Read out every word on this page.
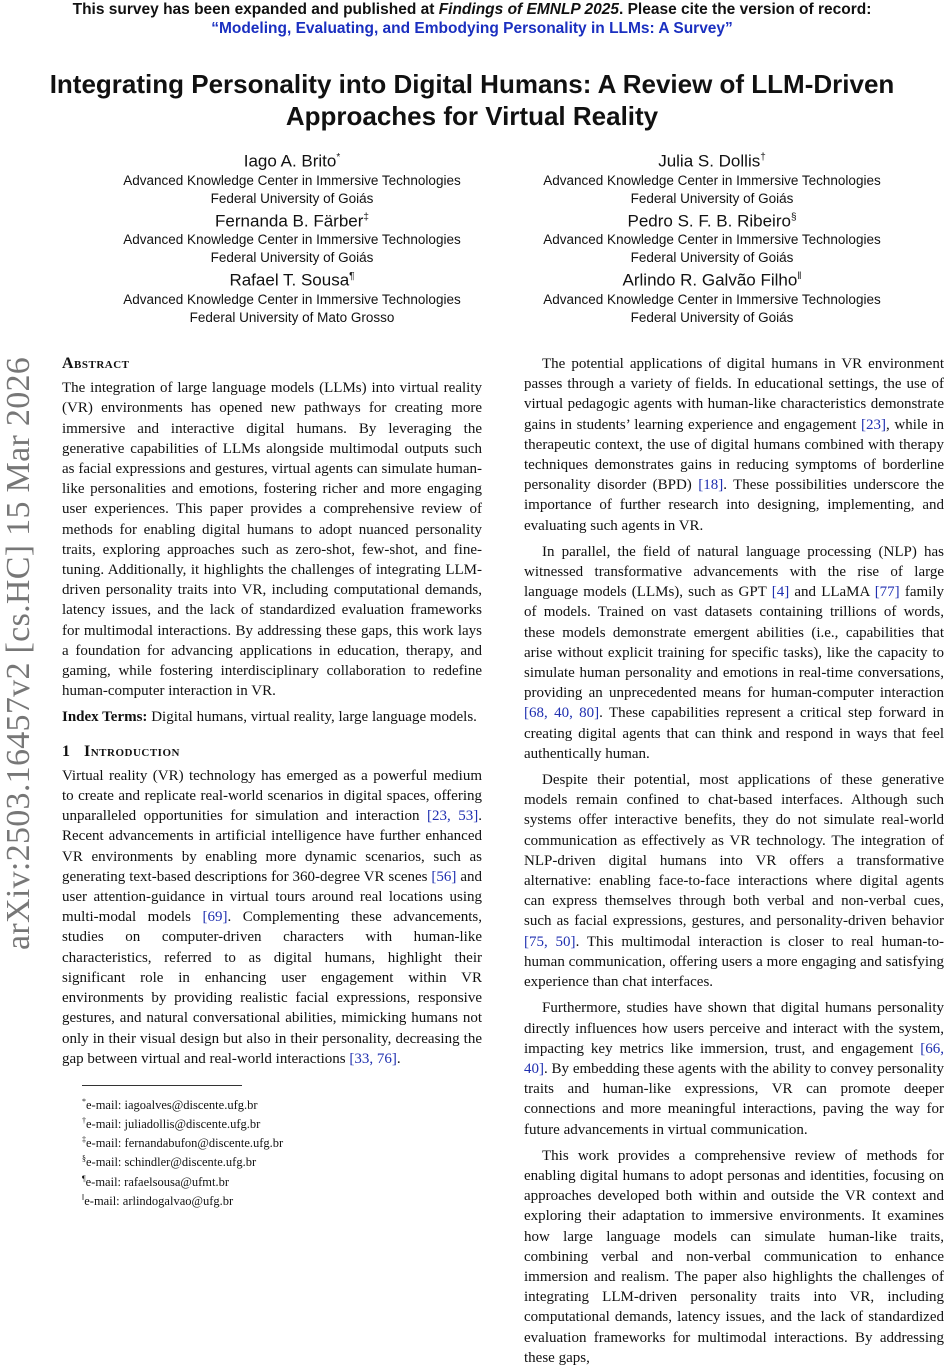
This survey has been expanded and published at Findings of EMNLP 2025. Please cite the version of record:
“Modeling, Evaluating, and Embodying Personality in LLMs: A Survey”
Integrating Personality into Digital Humans: A Review of LLM-Driven Approaches for Virtual Reality
Iago A. Brito*
Advanced Knowledge Center in Immersive Technologies
Federal University of Goiás
Fernanda B. Färber‡
Advanced Knowledge Center in Immersive Technologies
Federal University of Goiás
Rafael T. Sousa¶
Advanced Knowledge Center in Immersive Technologies
Federal University of Mato Grosso
Julia S. Dollis†
Advanced Knowledge Center in Immersive Technologies
Federal University of Goiás
Pedro S. F. B. Ribeiro§
Advanced Knowledge Center in Immersive Technologies
Federal University of Goiás
Arlindo R. Galvão Filho‖
Advanced Knowledge Center in Immersive Technologies
Federal University of Goiás
arXiv:2503.16457v2 [cs.HC] 15 Mar 2026 Abstract

The integration of large language models (LLMs) into virtual reality (VR) environments has opened new pathways for creating more immersive and interactive digital humans. By leveraging the generative capabilities of LLMs alongside multimodal outputs such as facial expressions and gestures, virtual agents can simulate human-like personalities and emotions, fostering richer and more engaging user experiences. This paper provides a comprehensive review of methods for enabling digital humans to adopt nuanced personality traits, exploring approaches such as zero-shot, few-shot, and fine-tuning. Additionally, it highlights the challenges of integrating LLM-driven personality traits into VR, including computational demands, latency issues, and the lack of standardized evaluation frameworks for multimodal interactions. By addressing these gaps, this work lays a foundation for advancing applications in education, therapy, and gaming, while fostering interdisciplinary collaboration to redefine human-computer interaction in VR.

Index Terms: Digital humans, virtual reality, large language models.

1 Introduction

Virtual reality (VR) technology has emerged as a powerful medium to create and replicate real-world scenarios in digital spaces, offering unparalleled opportunities for simulation and interaction [23, 53]. Recent advancements in artificial intelligence have further enhanced VR environments by enabling more dynamic scenarios, such as generating text-based descriptions for 360-degree VR scenes [56] and user attention-guidance in virtual tours around real locations using multi-modal models [69]. Complementing these advancements, studies on computer-driven characters with human-like characteristics, referred to as digital humans, highlight their significant role in enhancing user engagement within VR environments by providing realistic facial expressions, responsive gestures, and natural conversational abilities, mimicking humans not only in their visual design but also in their personality, decreasing the gap between virtual and real-world interactions [33, 76].

*e-mail: iagoalves@discente.ufg.br
†e-mail: juliadollis@discente.ufg.br
‡e-mail: fernandabufon@discente.ufg.br
§e-mail: schindler@discente.ufg.br
¶e-mail: rafaelsousa@ufmt.br
‖e-mail: arlindogalvao@ufg.br

The potential applications of digital humans in VR environment passes through a variety of fields. In educational settings, the use of virtual pedagogic agents with human-like characteristics demonstrate gains in students’ learning experience and engagement [23], while in therapeutic context, the use of digital humans combined with therapy techniques demonstrates gains in reducing symptoms of borderline personality disorder (BPD) [18]. These possibilities underscore the importance of further research into designing, implementing, and evaluating such agents in VR.

In parallel, the field of natural language processing (NLP) has witnessed transformative advancements with the rise of large language models (LLMs), such as GPT [4] and LLaMA [77] family of models. Trained on vast datasets containing trillions of words, these models demonstrate emergent abilities (i.e., capabilities that arise without explicit training for specific tasks), like the capacity to simulate human personality and emotions in real-time conversations, providing an unprecedented means for human-computer interaction [68, 40, 80]. These capabilities represent a critical step forward in creating digital agents that can think and respond in ways that feel authentically human.

Despite their potential, most applications of these generative models remain confined to chat-based interfaces. Although such systems offer interactive benefits, they do not simulate real-world communication as effectively as VR technology. The integration of NLP-driven digital humans into VR offers a transformative alternative: enabling face-to-face interactions where digital agents can express themselves through both verbal and non-verbal cues, such as facial expressions, gestures, and personality-driven behavior [75, 50]. This multimodal interaction is closer to real human-to-human communication, offering users a more engaging and satisfying experience than chat interfaces.

Furthermore, studies have shown that digital humans personality directly influences how users perceive and interact with the system, impacting key metrics like immersion, trust, and engagement [66, 40]. By embedding these agents with the ability to convey personality traits and human-like expressions, VR can promote deeper connections and more meaningful interactions, paving the way for future advancements in virtual communication.

This work provides a comprehensive review of methods for enabling digital humans to adopt personas and identities, focusing on approaches developed both within and outside the VR context and exploring their adaptation to immersive environments. It examines how large language models can simulate human-like traits, combining verbal and non-verbal communication to enhance immersion and realism. The paper also highlights the challenges of integrating LLM-driven personality traits into VR, including computational demands, latency issues, and the lack of standardized evaluation frameworks for multimodal interactions. By addressing these gaps,
